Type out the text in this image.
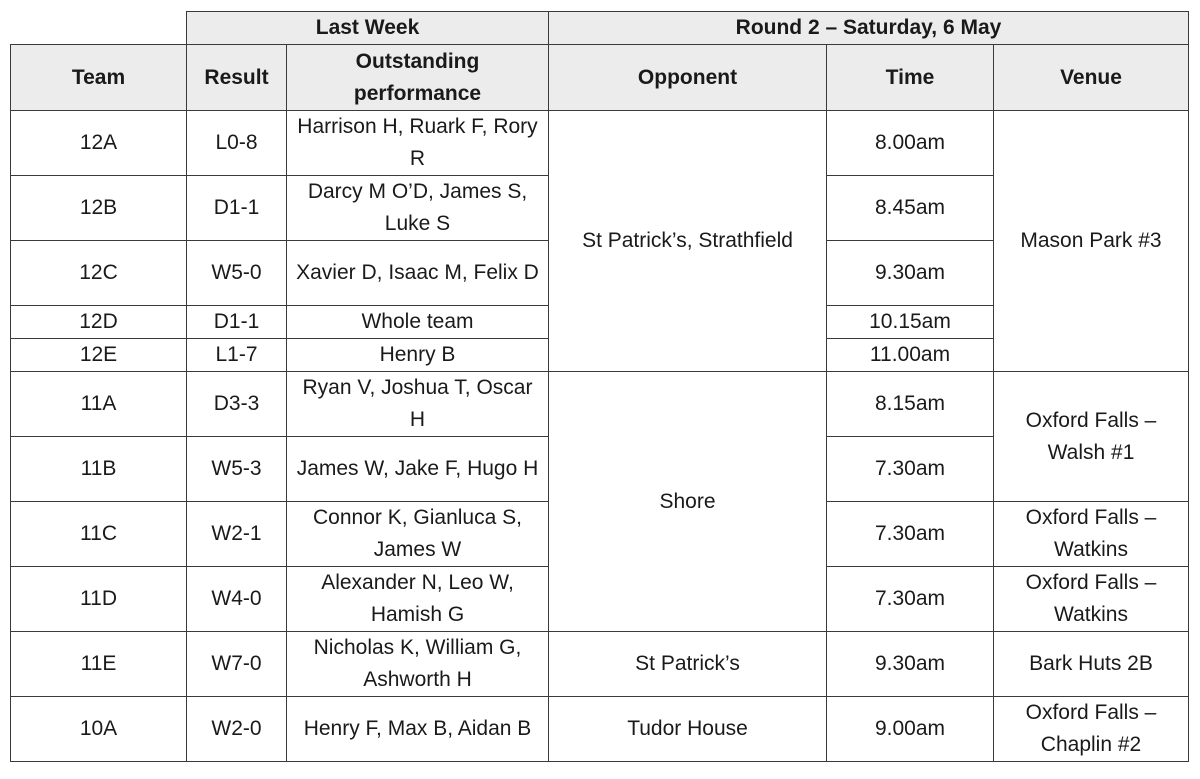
	Last Week		Round 2 – Saturday, 6 May		
Team	Result	Outstanding performance	Opponent	Time	Venue
12A	L0-8	Harrison H, Ruark F, Rory R	St Patrick’s, Strathfield	8.00am	Mason Park #3
12B	D1-1	Darcy M O’D, James S, Luke S		8.45am	
12C	W5-0	Xavier D, Isaac M, Felix D		9.30am	
12D	D1-1	Whole team		10.15am	
12E	L1-7	Henry B		11.00am	
11A	D3-3	Ryan V, Joshua T, Oscar H	Shore	8.15am	Oxford Falls – Walsh #1
11B	W5-3	James W, Jake F, Hugo H		7.30am	
11C	W2-1	Connor K, Gianluca S, James W		7.30am	Oxford Falls – Watkins
11D	W4-0	Alexander N, Leo W, Hamish G		7.30am	Oxford Falls – Watkins
11E	W7-0	Nicholas K, William G, Ashworth H	St Patrick’s	9.30am	Bark Huts 2B
10A	W2-0	Henry F, Max B, Aidan B	Tudor House	9.00am	Oxford Falls – Chaplin #2
